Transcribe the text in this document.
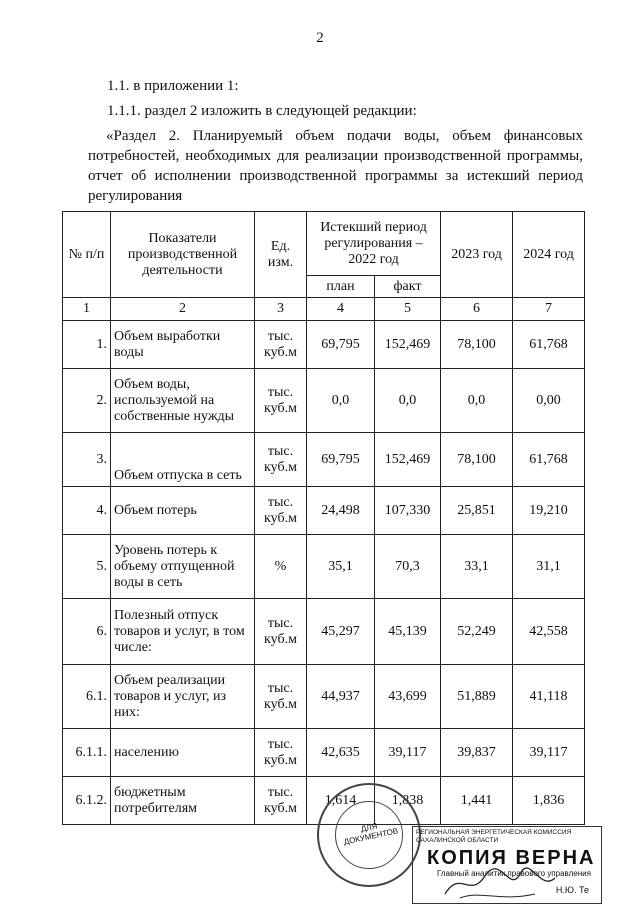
2
1.1. в приложении 1:
1.1.1. раздел 2 изложить в следующей редакции:
«Раздел 2. Планируемый объем подачи воды, объем финансовых потребностей, необходимых для реализации производственной программы, отчет об исполнении производственной программы за истекший период регулирования
№ п/п	Показатели производственной деятельности	Ед. изм.	Истекший период регулирования – 2022 год		2023 год	2024 год
			план	факт		
1	2	3	4	5	6	7
1.	Объем выработки воды	тыс. куб.м	69,795	152,469	78,100	61,768
2.	Объем воды, используемой на собственные нужды	тыс. куб.м	0,0	0,0	0,0	0,00
3.	Объем отпуска в сеть	тыс. куб.м	69,795	152,469	78,100	61,768
4.	Объем потерь	тыс. куб.м	24,498	107,330	25,851	19,210
5.	Уровень потерь к объему отпущенной воды в сеть	%	35,1	70,3	33,1	31,1
6.	Полезный отпуск товаров и услуг, в том числе:	тыс. куб.м	45,297	45,139	52,249	42,558
6.1.	Объем реализации товаров и услуг, из них:	тыс. куб.м	44,937	43,699	51,889	41,118
6.1.1.	населению	тыс. куб.м	42,635	39,117	39,837	39,117
6.1.2.	бюджетным потребителям	тыс. куб.м	1,614	1,838	1,441	1,836
ДЛЯ ДОКУМЕНТОВ	РЕГИОНАЛЬНАЯ ЭНЕРГЕТИЧЕСКАЯ КОМИССИЯ САХАЛИНСКОЙ ОБЛАСТИ
КОПИЯ ВЕРНА
Главный аналитик правового управления
Н.Ю. Те
